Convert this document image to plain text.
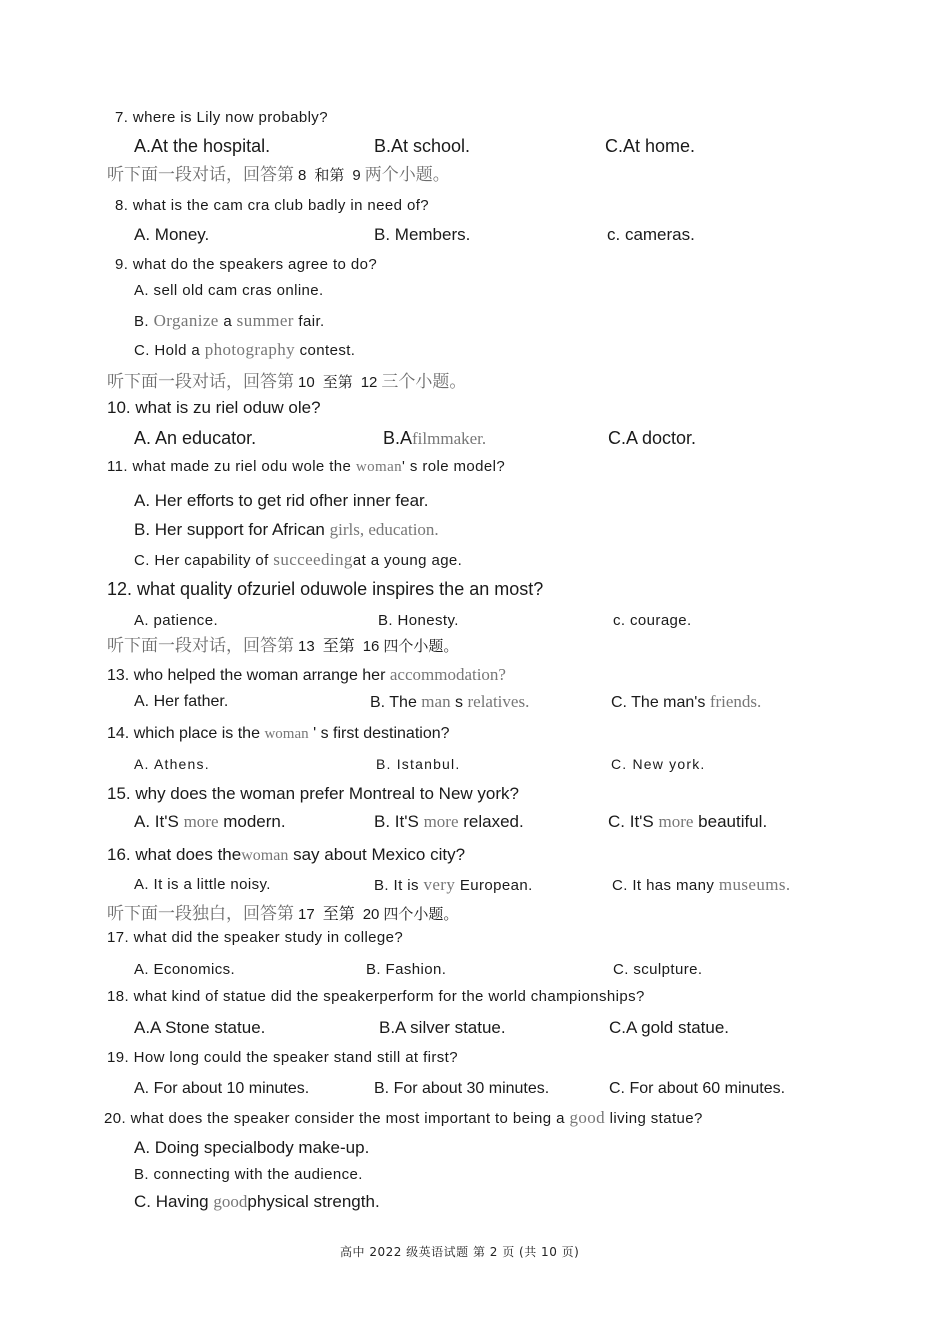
7. where is Lily now probably?
A.At the hospital.	B.At school.	C.At home.
听下面一段对话，回答第 8 和第 9 两个小题。
8. what is the cam cra club badly in need of?
A. Money.	B. Members.	c. cameras.
9. what do the speakers agree to do?
A. sell old cam cras online.
B. Organize a summer fair.
C. Hold a photography contest.
听下面一段对话，回答第 10 至第 12 三个小题。
10. what is zu riel oduw ole?
A. An educator.	B.Afilmmaker.	C.A doctor.
11. what made zu riel odu wole the woman' s role model?
A. Her efforts to get rid ofher inner fear.
B. Her support for African girls, education.
C. Her capability of succeedingat a young age.
12. what quality ofzuriel oduwole inspires the an most?
A. patience.	B. Honesty.	c. courage.
听下面一段对话，回答第 13 至第 16 四个小题。
13. who helped the woman arrange her accommodation?
A. Her father.	B. The man s relatives.	C. The man's friends.
14. which place is the woman ' s first destination?
A. Athens.	B. Istanbul.	C. New york.
15. why does the woman prefer Montreal to New york?
A. It'S more modern.	B. It'S more relaxed.	C. It'S more beautiful.
16. what does thewoman say about Mexico city?
A. It is a little noisy.	B. It is very European.	C. It has many museums.
听下面一段独白，回答第 17 至第 20 四个小题。
17. what did the speaker study in college?
A. Economics.	B. Fashion.	C. sculpture.
18. what kind of statue did the speakerperform for the world championships?
A.A Stone statue.	B.A silver statue.	C.A gold statue.
19. How long could the speaker stand still at first?
A. For about 10 minutes.	B. For about 30 minutes.	C. For about 60 minutes.
20. what does the speaker consider the most important to being a good living statue?
A. Doing specialbody make-up.
B. connecting with the audience.
C. Having goodphysical strength.
高中 2022 级英语试题 第 2 页 (共 10 页)
